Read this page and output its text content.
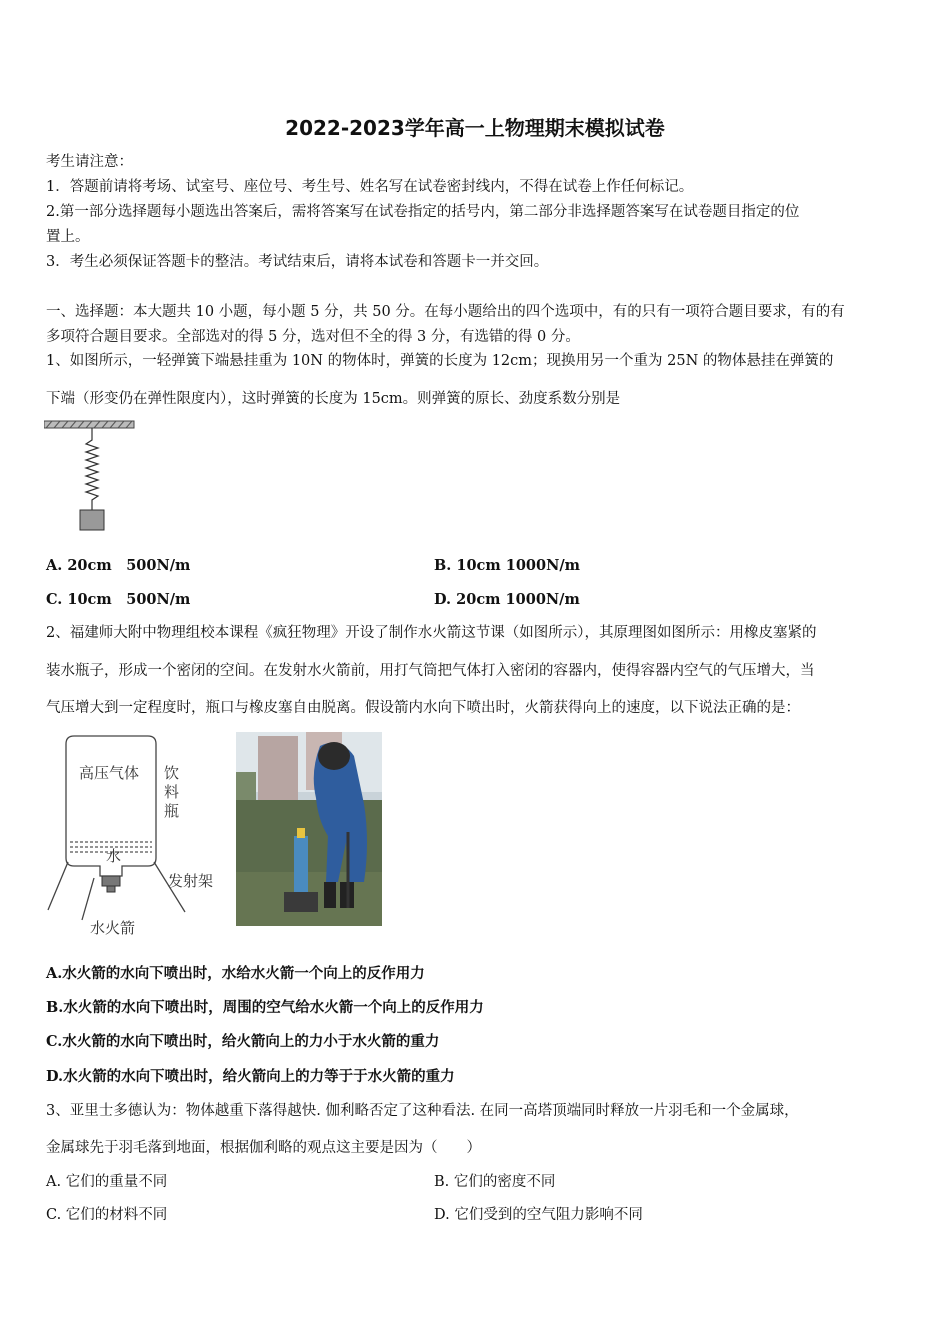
2022-2023学年高一上物理期末模拟试卷
考生请注意：
1．答题前请将考场、试室号、座位号、考生号、姓名写在试卷密封线内，不得在试卷上作任何标记。
2.第一部分选择题每小题选出答案后，需将答案写在试卷指定的括号内，第二部分非选择题答案写在试卷题目指定的位
置上。
3．考生必须保证答题卡的整洁。考试结束后，请将本试卷和答题卡一并交回。
一、选择题：本大题共 10 小题，每小题 5 分，共 50 分。在每小题给出的四个选项中，有的只有一项符合题目要求，有的有
多项符合题目要求。全部选对的得 5 分，选对但不全的得 3 分，有选错的得 0 分。
1、如图所示，一轻弹簧下端悬挂重为 10N 的物体时，弹簧的长度为 12cm；现换用另一个重为 25N 的物体悬挂在弹簧的
下端（形变仍在弹性限度内），这时弹簧的长度为 15cm。则弹簧的原长、劲度系数分别是
A. 20cm　500N/m	B. 10cm 1000N/m
C. 10cm　500N/m	D. 20cm 1000N/m
2、福建师大附中物理组校本课程《疯狂物理》开设了制作水火箭这节课（如图所示），其原理图如图所示：用橡皮塞紧的
装水瓶子，形成一个密闭的空间。在发射水火箭前，用打气筒把气体打入密闭的容器内，使得容器内空气的气压增大，当
气压增大到一定程度时，瓶口与橡皮塞自由脱离。假设箭内水向下喷出时，火箭获得向上的速度，以下说法正确的是：
高压气体 饮
料
瓶
水
发射架
水火箭
A.水火箭的水向下喷出时，水给水火箭一个向上的反作用力
B.水火箭的水向下喷出时，周围的空气给水火箭一个向上的反作用力
C.水火箭的水向下喷出时，给火箭向上的力小于水火箭的重力
D.水火箭的水向下喷出时，给火箭向上的力等于于水火箭的重力
3、亚里士多德认为：物体越重下落得越快. 伽利略否定了这种看法. 在同一高塔顶端同时释放一片羽毛和一个金属球，
金属球先于羽毛落到地面，根据伽利略的观点这主要是因为（　　）
A. 它们的重量不同	B. 它们的密度不同
C. 它们的材料不同	D. 它们受到的空气阻力影响不同
